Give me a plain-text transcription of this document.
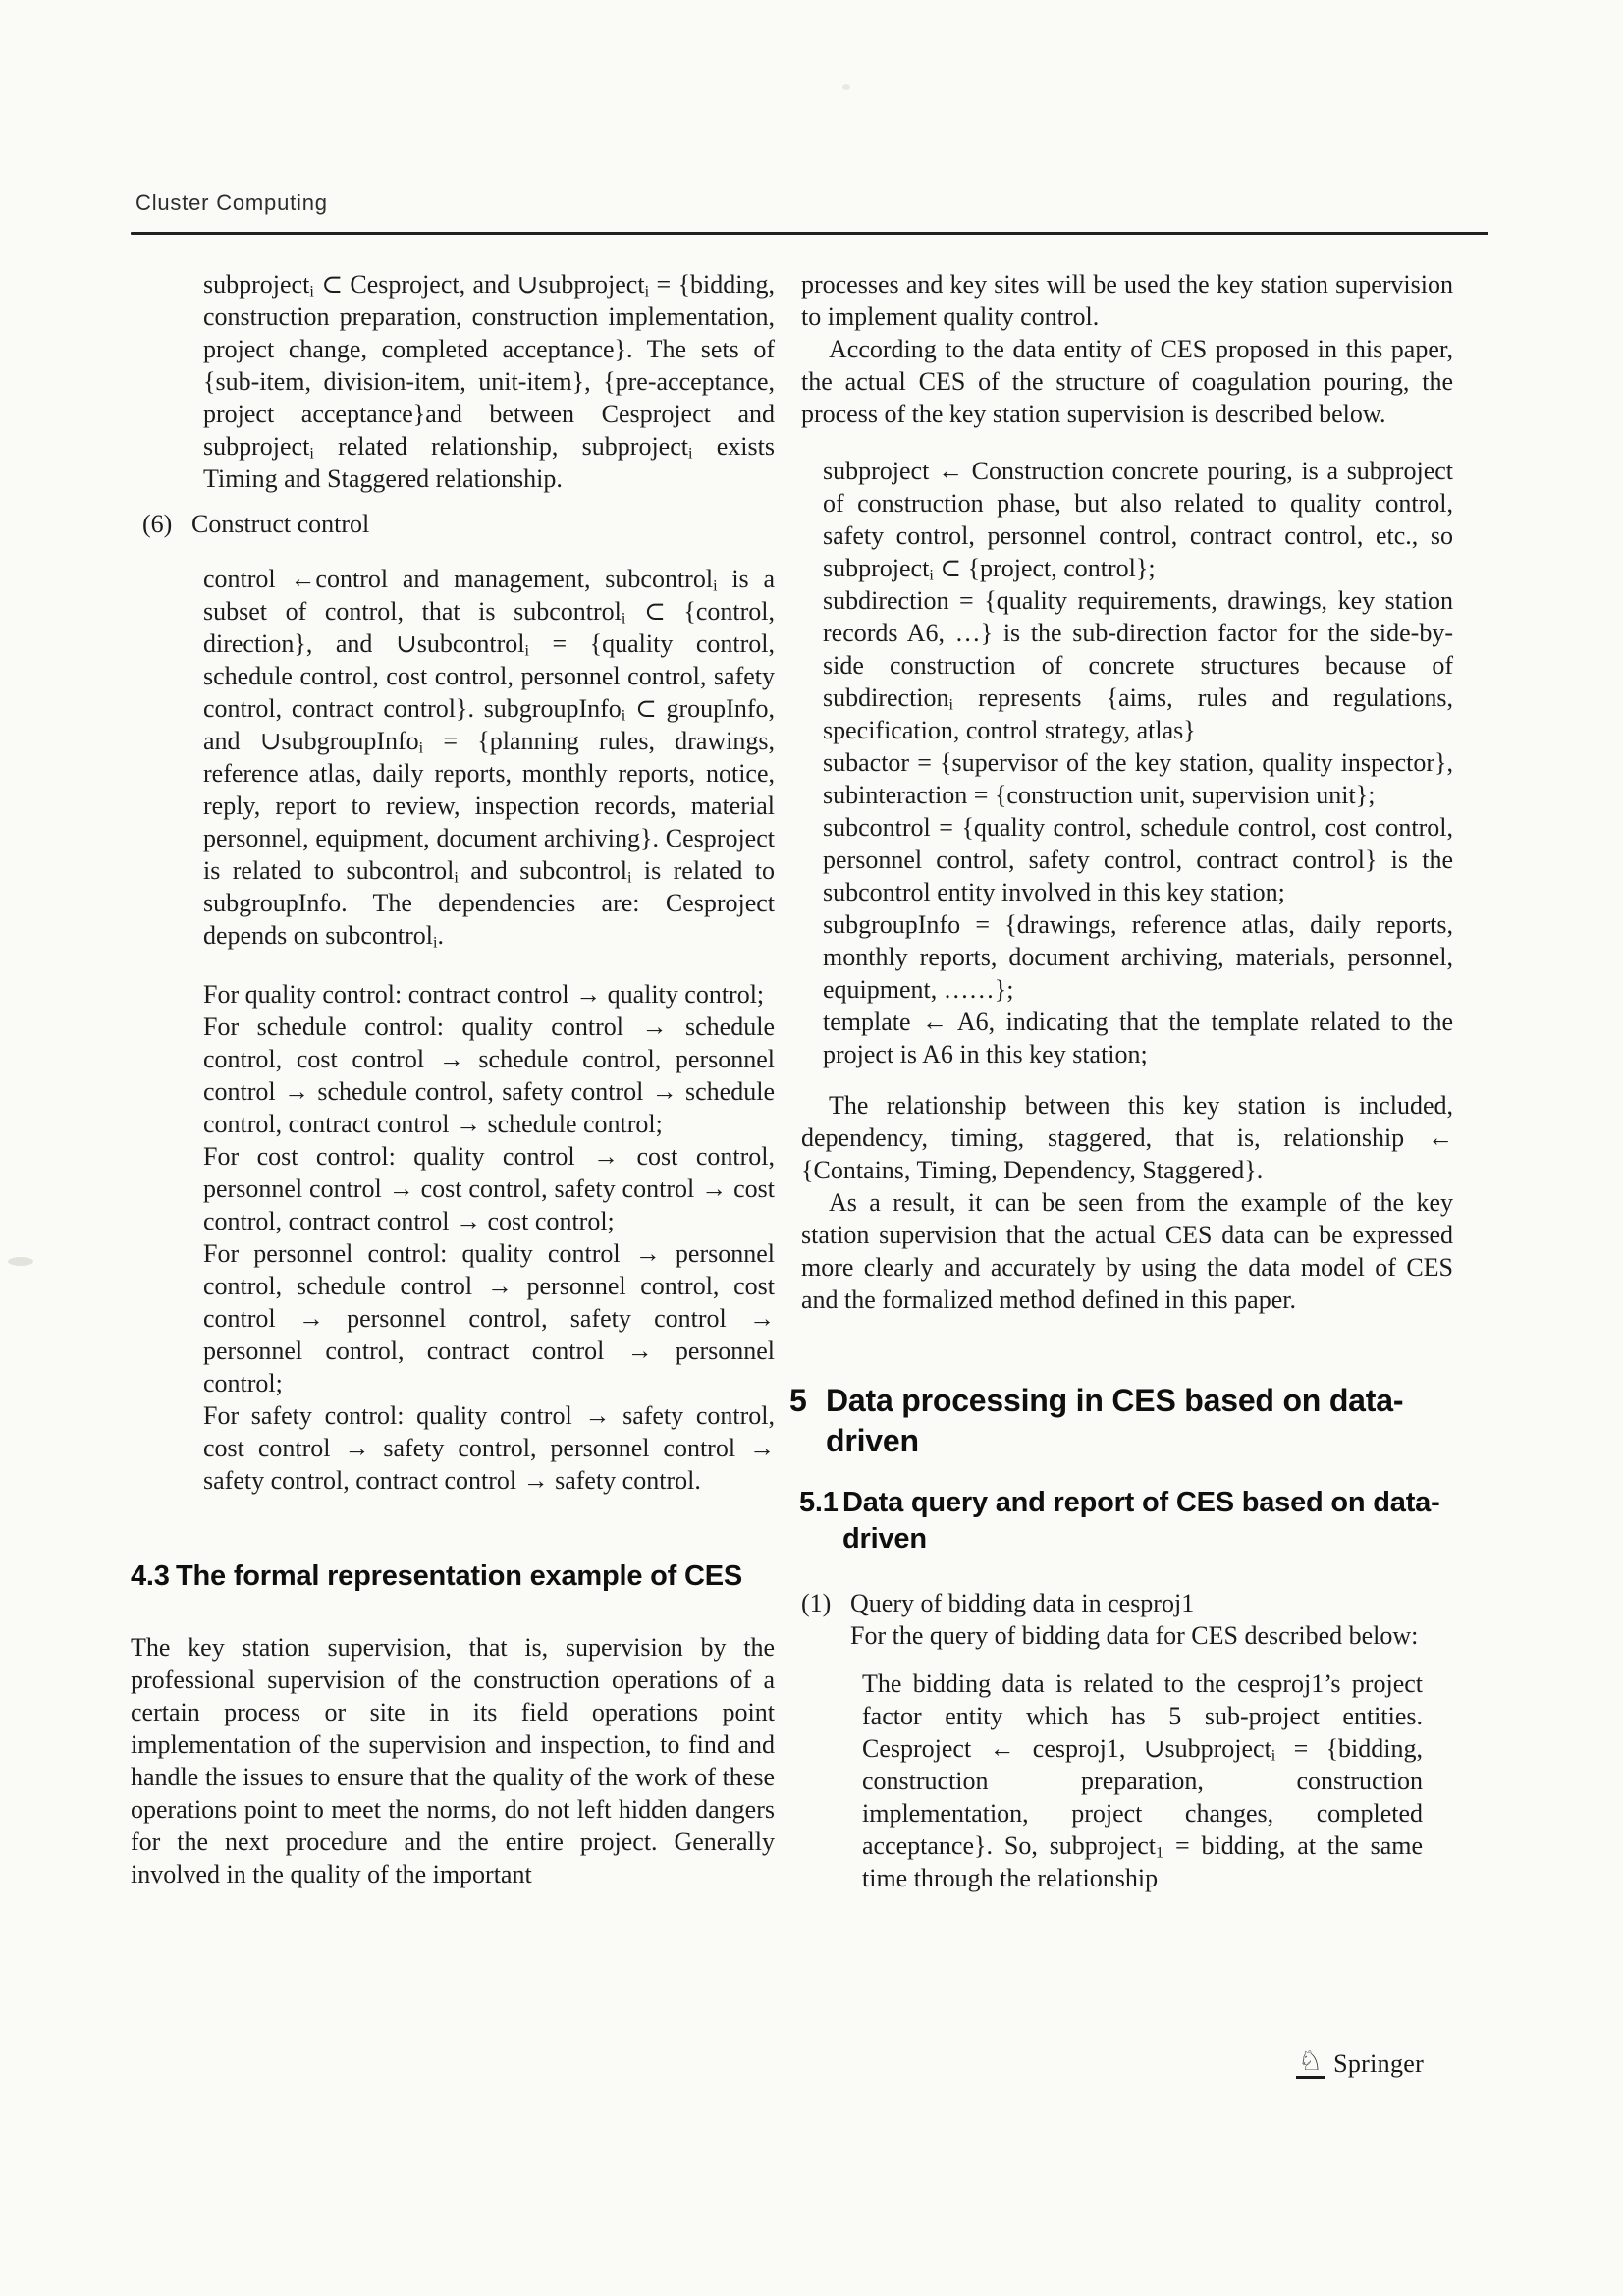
Cluster Computing
subproject$_i$ ⊂ Cesproject, and ∪subproject$_i$ = {bidding, construction preparation, construction implementation, project change, completed acceptance}. The sets of {sub-item, division-item, unit-item}, {pre-acceptance, project acceptance}and between Cesproject and subproject$_i$ related relationship, subproject$_i$ exists Timing and Staggered relationship.
(6) Construct control
control ←control and management, subcontrol$_i$ is a subset of control, that is subcontrol$_i$ ⊂ {control, direction}, and ∪subcontrol$_i$ = {quality control, schedule control, cost control, personnel control, safety control, contract control}. subgroupInfo$_i$ ⊂ groupInfo, and ∪subgroupInfo$_i$ = {planning rules, drawings, reference atlas, daily reports, monthly reports, notice, reply, report to review, inspection records, material personnel, equipment, document archiving}. Cesproject is related to subcontrol$_i$ and subcontrol$_i$ is related to subgroupInfo. The dependencies are: Cesproject depends on subcontrol$_i$.
For quality control: contract control → quality control;
For schedule control: quality control → schedule control, cost control → schedule control, personnel control → schedule control, safety control → schedule control, contract control → schedule control;
For cost control: quality control → cost control, personnel control → cost control, safety control → cost control, contract control → cost control;
For personnel control: quality control → personnel control, schedule control → personnel control, cost control → personnel control, safety control → personnel control, contract control → personnel control;
For safety control: quality control → safety control, cost control → safety control, personnel control → safety control, contract control → safety control.
4.3 The formal representation example of CES
The key station supervision, that is, supervision by the professional supervision of the construction operations of a certain process or site in its field operations point implementation of the supervision and inspection, to find and handle the issues to ensure that the quality of the work of these operations point to meet the norms, do not left hidden dangers for the next procedure and the entire project. Generally involved in the quality of the important
processes and key sites will be used the key station supervision to implement quality control.
According to the data entity of CES proposed in this paper, the actual CES of the structure of coagulation pouring, the process of the key station supervision is described below.
subproject ← Construction concrete pouring, is a subproject of construction phase, but also related to quality control, safety control, personnel control, contract control, etc., so subproject$_i$ ⊂ {project, control};
subdirection = {quality requirements, drawings, key station records A6, …} is the sub-direction factor for the side-by-side construction of concrete structures because of subdirection$_i$ represents {aims, rules and regulations, specification, control strategy, atlas}
subactor = {supervisor of the key station, quality inspector}, subinteraction = {construction unit, supervision unit};
subcontrol = {quality control, schedule control, cost control, personnel control, safety control, contract control} is the subcontrol entity involved in this key station;
subgroupInfo = {drawings, reference atlas, daily reports, monthly reports, document archiving, materials, personnel, equipment, ……};
template ← A6, indicating that the template related to the project is A6 in this key station;
The relationship between this key station is included, dependency, timing, staggered, that is, relationship ← {Contains, Timing, Dependency, Staggered}.
As a result, it can be seen from the example of the key station supervision that the actual CES data can be expressed more clearly and accurately by using the data model of CES and the formalized method defined in this paper.
5 Data processing in CES based on data-driven
5.1 Data query and report of CES based on data-driven
(1) Query of bidding data in cesproj1
For the query of bidding data for CES described below:
The bidding data is related to the cesproj1’s project factor entity which has 5 sub-project entities. Cesproject ← cesproj1, ∪subproject$_i$ = {bidding, construction preparation, construction implementation, project changes, completed acceptance}. So, subproject$_1$ = bidding, at the same time through the relationship
♘ Springer
